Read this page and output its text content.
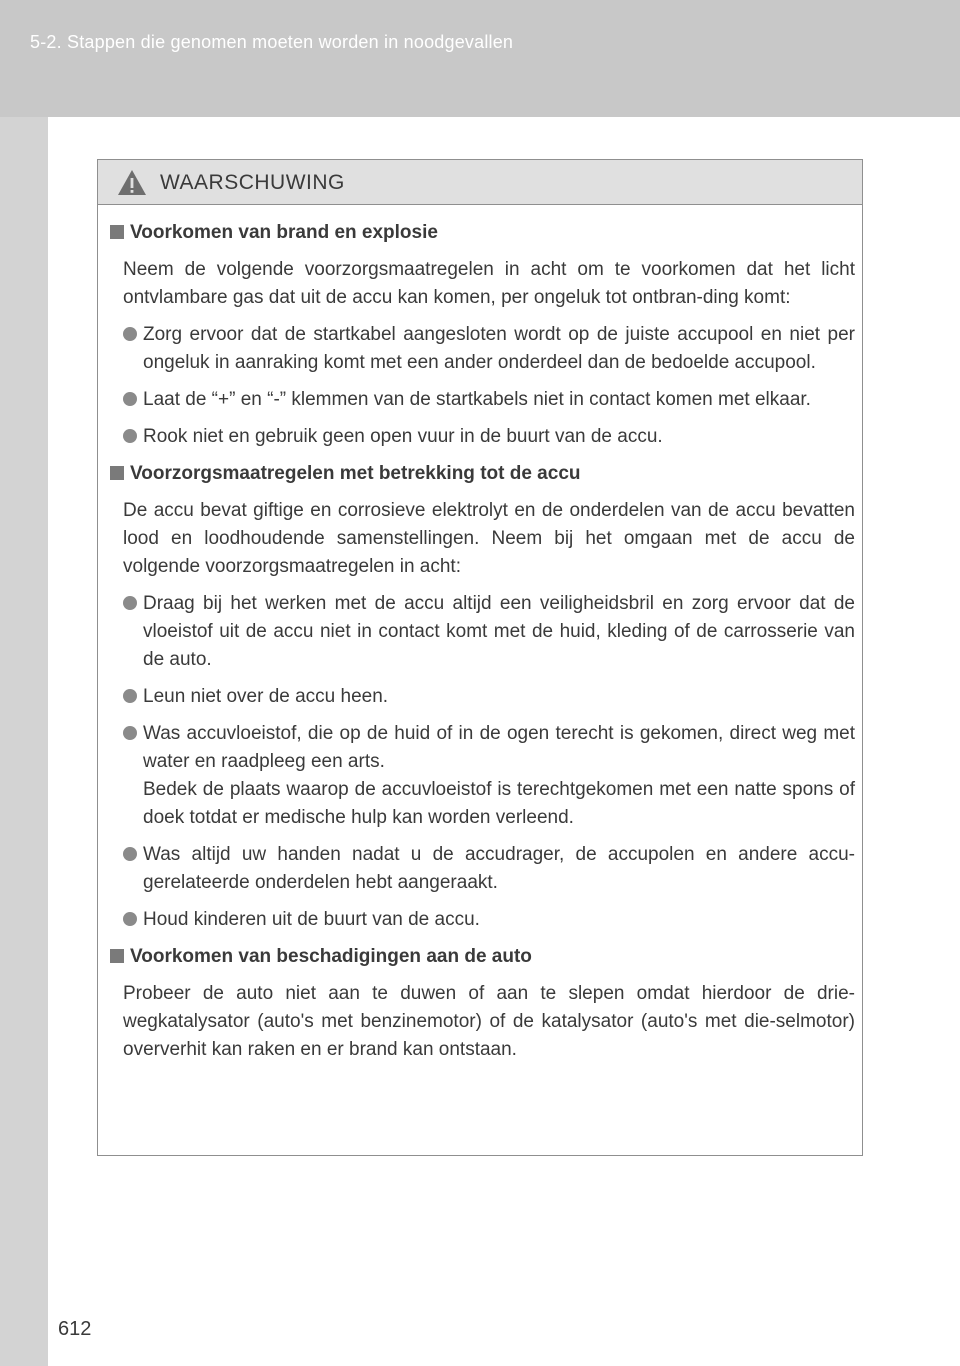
5-2. Stappen die genomen moeten worden in noodgevallen
612
WAARSCHUWING
Voorkomen van brand en explosie
Neem de volgende voorzorgsmaatregelen in acht om te voorkomen dat het licht ontvlambare gas dat uit de accu kan komen, per ongeluk tot ontbran-ding komt:
Zorg ervoor dat de startkabel aangesloten wordt op de juiste accupool en niet per ongeluk in aanraking komt met een ander onderdeel dan de bedoelde accupool.
Laat de “+” en “-” klemmen van de startkabels niet in contact komen met elkaar.
Rook niet en gebruik geen open vuur in de buurt van de accu.
Voorzorgsmaatregelen met betrekking tot de accu
De accu bevat giftige en corrosieve elektrolyt en de onderdelen van de accu bevatten lood en loodhoudende samenstellingen. Neem bij het omgaan met de accu de volgende voorzorgsmaatregelen in acht:
Draag bij het werken met de accu altijd een veiligheidsbril en zorg ervoor dat de vloeistof uit de accu niet in contact komt met de huid, kleding of de carrosserie van de auto.
Leun niet over de accu heen.
Was accuvloeistof, die op de huid of in de ogen terecht is gekomen, direct weg met water en raadpleeg een arts.
Bedek de plaats waarop de accuvloeistof is terechtgekomen met een natte spons of doek totdat er medische hulp kan worden verleend.
Was altijd uw handen nadat u de accudrager, de accupolen en andere accu-gerelateerde onderdelen hebt aangeraakt.
Houd kinderen uit de buurt van de accu.
Voorkomen van beschadigingen aan de auto
Probeer de auto niet aan te duwen of aan te slepen omdat hierdoor de drie-wegkatalysator (auto's met benzinemotor) of de katalysator (auto's met die-selmotor) oververhit kan raken en er brand kan ontstaan.
